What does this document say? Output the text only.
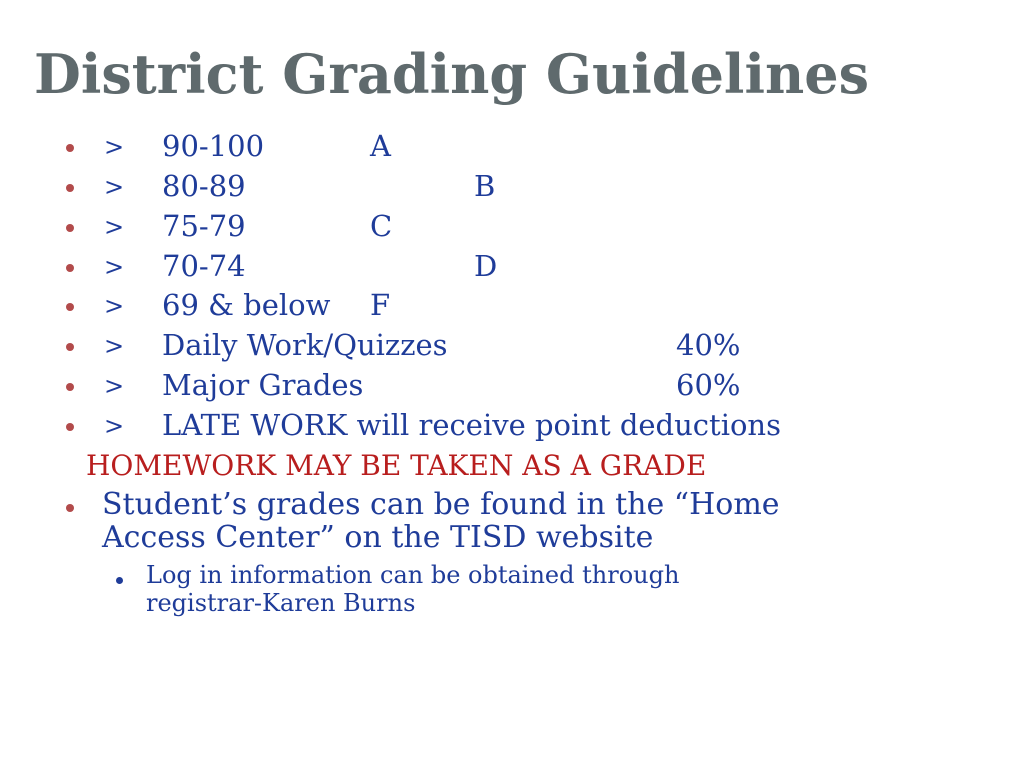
District Grading Guidelines
> 90-100	A
> 80-89	B
> 75-79	C
> 70-74	D
> 69 & below F
> Daily Work/Quizzes	40%
> Major Grades	60%
> LATE WORK will receive point deductions
HOMEWORK MAY BE TAKEN AS A GRADE
Student’s grades can be found in the “Home
Access Center” on the TISD website
Log in information can be obtained through
registrar-Karen Burns
